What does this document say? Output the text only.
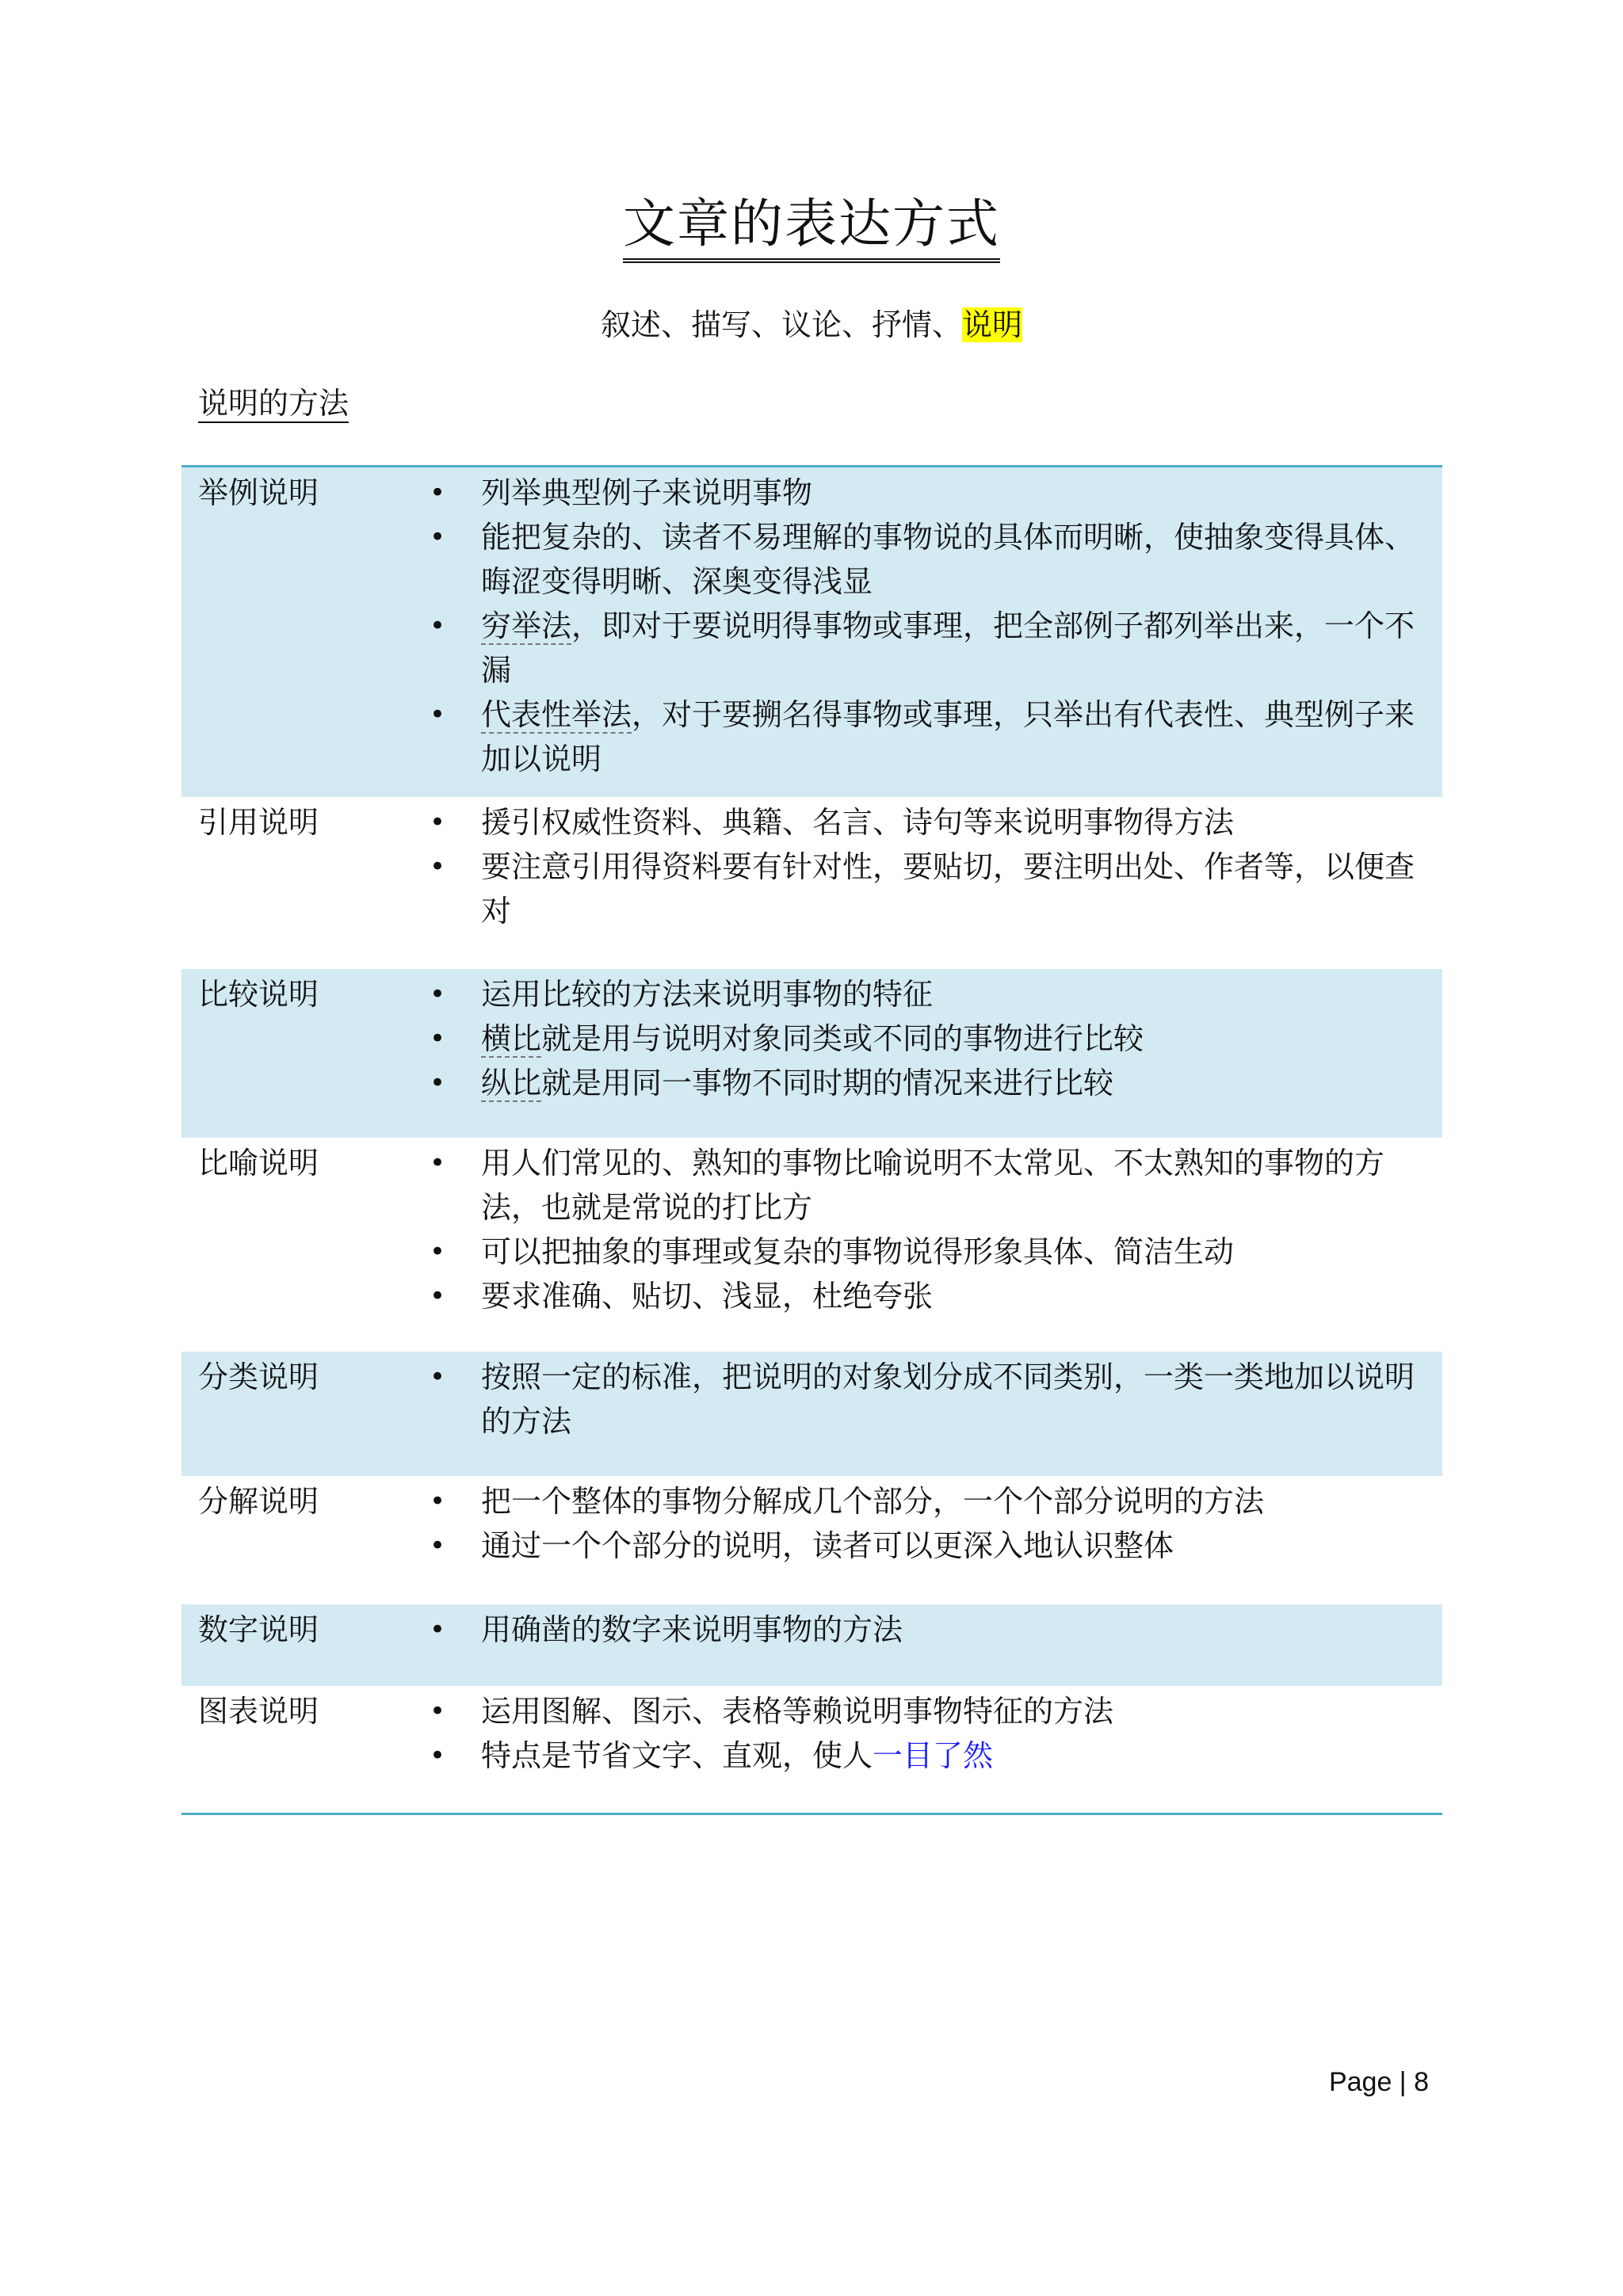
文章的表达方式
叙述、描写、议论、抒情、说明
说明的方法
举例说明	• 列举典型例子来说明事物
• 能把复杂的、读者不易理解的事物说的具体而明晰，使抽象变得具体、晦涩变得明晰、深奥变得浅显
• 穷举法，即对于要说明得事物或事理，把全部例子都列举出来，一个不漏
• 代表性举法，对于要搠名得事物或事理，只举出有代表性、典型例子来加以说明
引用说明	• 援引权威性资料、典籍、名言、诗句等来说明事物得方法
• 要注意引用得资料要有针对性，要贴切，要注明出处、作者等，以便查对
比较说明	• 运用比较的方法来说明事物的特征
• 横比就是用与说明对象同类或不同的事物进行比较
• 纵比就是用同一事物不同时期的情况来进行比较
比喻说明	• 用人们常见的、熟知的事物比喻说明不太常见、不太熟知的事物的方法，也就是常说的打比方
• 可以把抽象的事理或复杂的事物说得形象具体、简洁生动
• 要求准确、贴切、浅显，杜绝夸张
分类说明	• 按照一定的标准，把说明的对象划分成不同类别，一类一类地加以说明的方法
分解说明	• 把一个整体的事物分解成几个部分，一个个部分说明的方法
• 通过一个个部分的说明，读者可以更深入地认识整体
数字说明	• 用确凿的数字来说明事物的方法
图表说明	• 运用图解、图示、表格等赖说明事物特征的方法
• 特点是节省文字、直观，使人一目了然
Page | 8
